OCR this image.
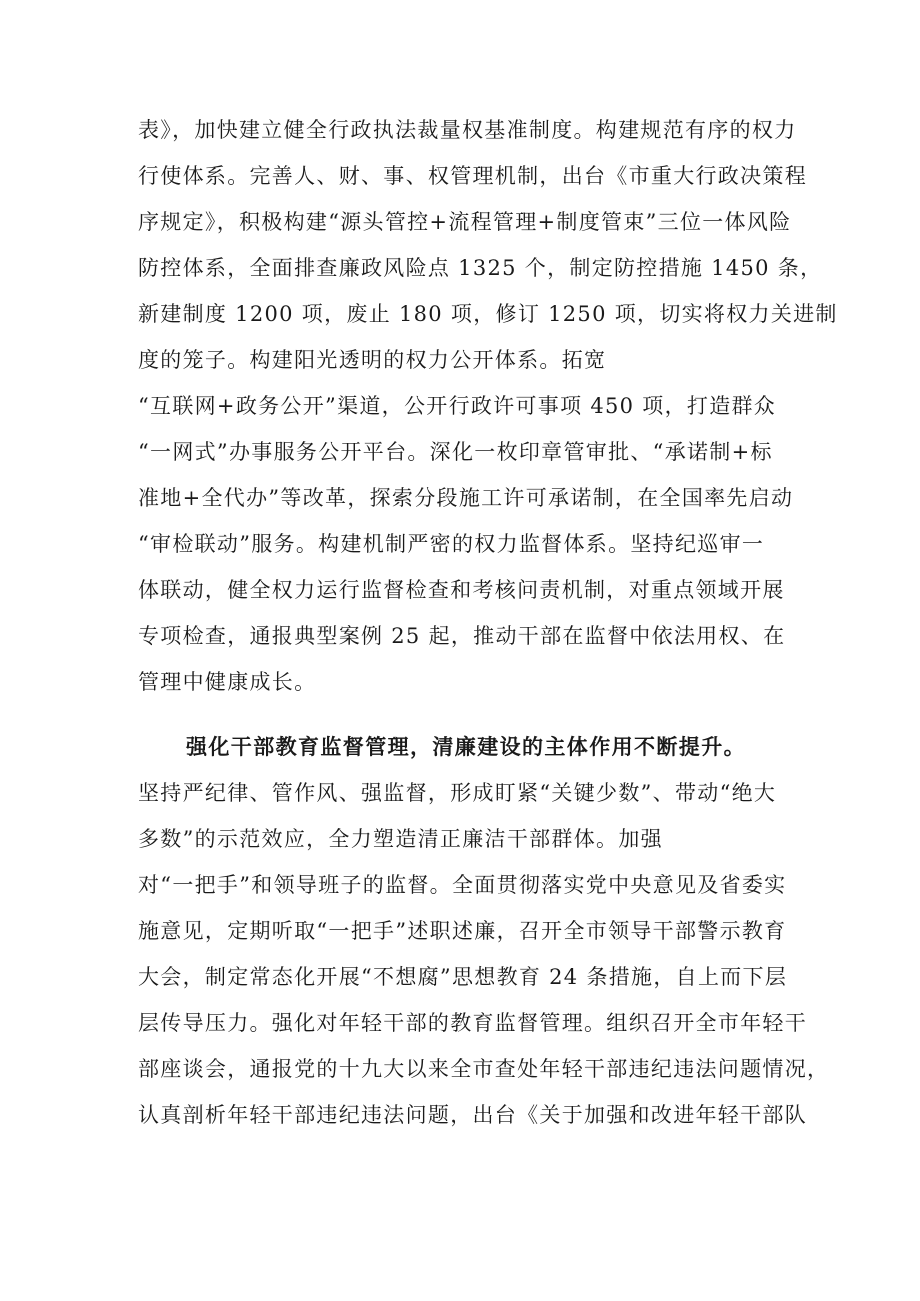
表》，加快建立健全行政执法裁量权基准制度。构建规范有序的权力
行使体系。完善人、财、事、权管理机制，出台《市重大行政决策程
序规定》，积极构建“源头管控+流程管理+制度管束”三位一体风险
防控体系，全面排查廉政风险点 1325 个，制定防控措施 1450 条，
新建制度 1200 项，废止 180 项，修订 1250 项，切实将权力关进制
度的笼子。构建阳光透明的权力公开体系。拓宽
“互联网+政务公开”渠道，公开行政许可事项 450 项，打造群众
“一网式”办事服务公开平台。深化一枚印章管审批、“承诺制+标
准地+全代办”等改革，探索分段施工许可承诺制，在全国率先启动
“审检联动”服务。构建机制严密的权力监督体系。坚持纪巡审一
体联动，健全权力运行监督检查和考核问责机制，对重点领域开展
专项检查，通报典型案例 25 起，推动干部在监督中依法用权、在
管理中健康成长。
强化干部教育监督管理，清廉建设的主体作用不断提升。
坚持严纪律、管作风、强监督，形成盯紧“关键少数”、带动“绝大
多数”的示范效应，全力塑造清正廉洁干部群体。加强
对“一把手”和领导班子的监督。全面贯彻落实党中央意见及省委实
施意见，定期听取“一把手”述职述廉，召开全市领导干部警示教育
大会，制定常态化开展“不想腐”思想教育 24 条措施，自上而下层
层传导压力。强化对年轻干部的教育监督管理。组织召开全市年轻干
部座谈会，通报党的十九大以来全市查处年轻干部违纪违法问题情况，
认真剖析年轻干部违纪违法问题，出台《关于加强和改进年轻干部队
